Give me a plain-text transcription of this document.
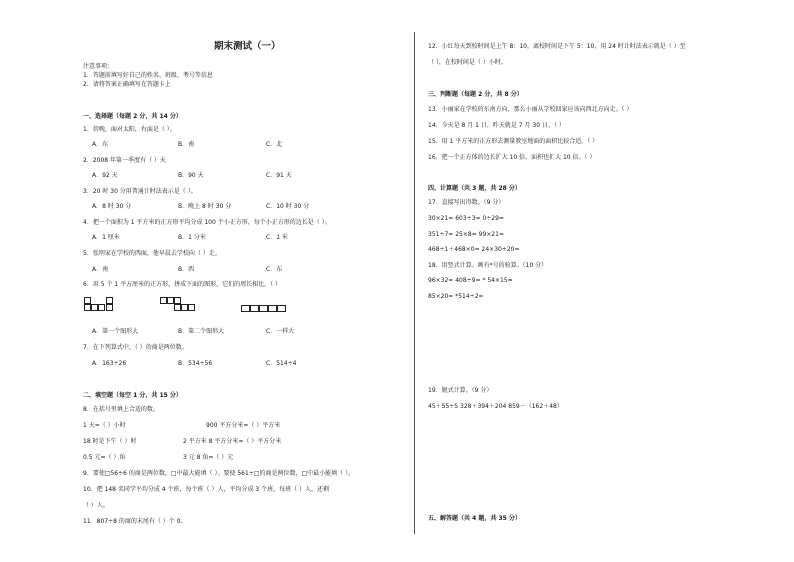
期末测试（一）
注意事项：
1．答题前填写好自己的姓名、班级、考号等信息
2．请将答案正确填写在答题卡上
一、选择题（每题 2 分，共 14 分）
1．傍晚，面对太阳，右面是（ ）。
A．东	B．南	C．北
2．2008 年第一季度有（ ）天
A．92 天	B．90 天	C．91 天
3．20 时 30 分用普通计时法表示是（ ）。
A．8 时 30 分	B．晚上 8 时 30 分	C．10 时 30 分
4．把一个面积为 1 平方米的正方形平均分成 100 个小正方形，每个小正方形的边长是（ ）。
A．1 厘米	B．1 分米	C．1 米
5．张明家在学校的西面，他早晨去学校向（ ）走。
A．南	B．西	C．东
6．用 5 个 1 平方厘米的正方形，拼成下面的图形，它们的周长相比，（ ）
A．第一个图形大	B．第二个图形大	C．一样大
7．在下列算式中，（ ）的商是两位数。
A．163÷26	B．534÷56	C．514÷4
二、填空题（每空 1 分，共 15 分）
8．在括号里填上合适的数。
1 天=（ ）小时	900 平方分米=（ ）平方米
18 时是下午（ ）时	2 平方米 8 平方分米=（ ）平方分米
0.5 元=（ ）角	3 元 8 角=（ ）元
9．要使□56÷6 的商是两位数，□中最大能填（ ）。要使 561÷□的商是两位数，□中最小能填（ ）。
10．把 148 名同学平均分成 4 个班，每个班（ ）人，平均分成 3 个班，每班（ ）人，还剩
（ ）人。
11．807÷8 的商的末尾有（ ）个 0。
12．小红每天到校时间是上午 8：10，离校时间是下午 5：10，用 24 时计时法表示就是（ ）至
（ ），在校时间是（ ）小时。
三、判断题（每题 2 分，共 8 分）
13．小丽家在学校的东南方向，那么小丽从学校回家应该向西北方向走。（ ）
14．今天是 8 月 1 日，昨天就是 7 月 30 日。（ ）
15．用 1 平方米的正方形去测量教室地面的面积比较合适。（ ）
16．把一个正方体的边长扩大 10 倍，面积也扩大 10 倍。（ ）
四、计算题（共 3 题，共 28 分）
17．直接写出得数。（9 分）
30×21= 603÷3= 0÷29=
351÷7= 25×8= 99×21=
468÷1＋468×0= 24×30÷20=
18．用竖式计算。画有*号的验算。（10 分）
96×32= 408÷9= * 54×15=
85×20= *514÷2=
19．脱式计算。（9 分）
45＋55÷5 328＋394＋204 859－（162＋48）
五、解答题（共 4 题，共 35 分）
